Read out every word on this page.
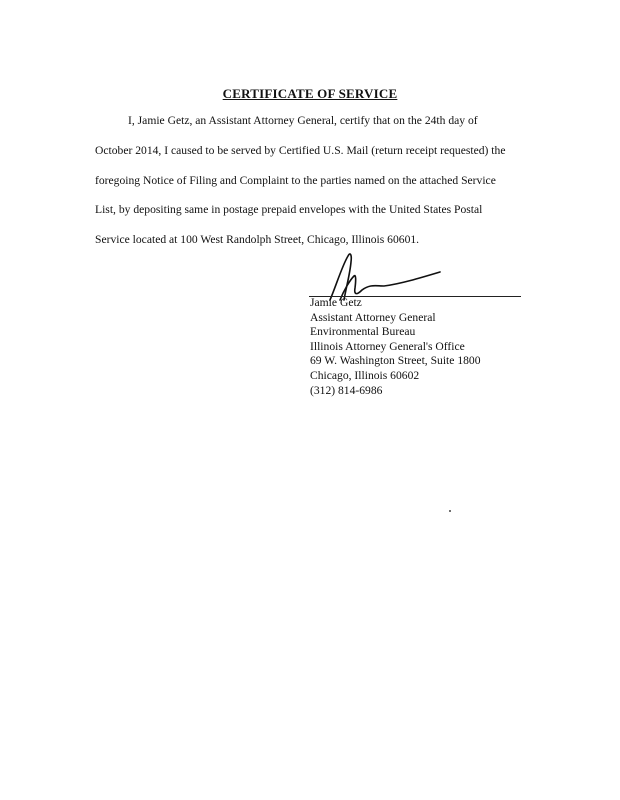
CERTIFICATE OF SERVICE
I, Jamie Getz, an Assistant Attorney General, certify that on the 24th day of
October 2014, I caused to be served by Certified U.S. Mail (return receipt requested) the
foregoing Notice of Filing and Complaint to the parties named on the attached Service
List, by depositing same in postage prepaid envelopes with the United States Postal
Service located at 100 West Randolph Street, Chicago, Illinois 60601.
Jamie Getz
Assistant Attorney General
Environmental Bureau
Illinois Attorney General's Office
69 W. Washington Street, Suite 1800
Chicago, Illinois 60602
(312) 814-6986
